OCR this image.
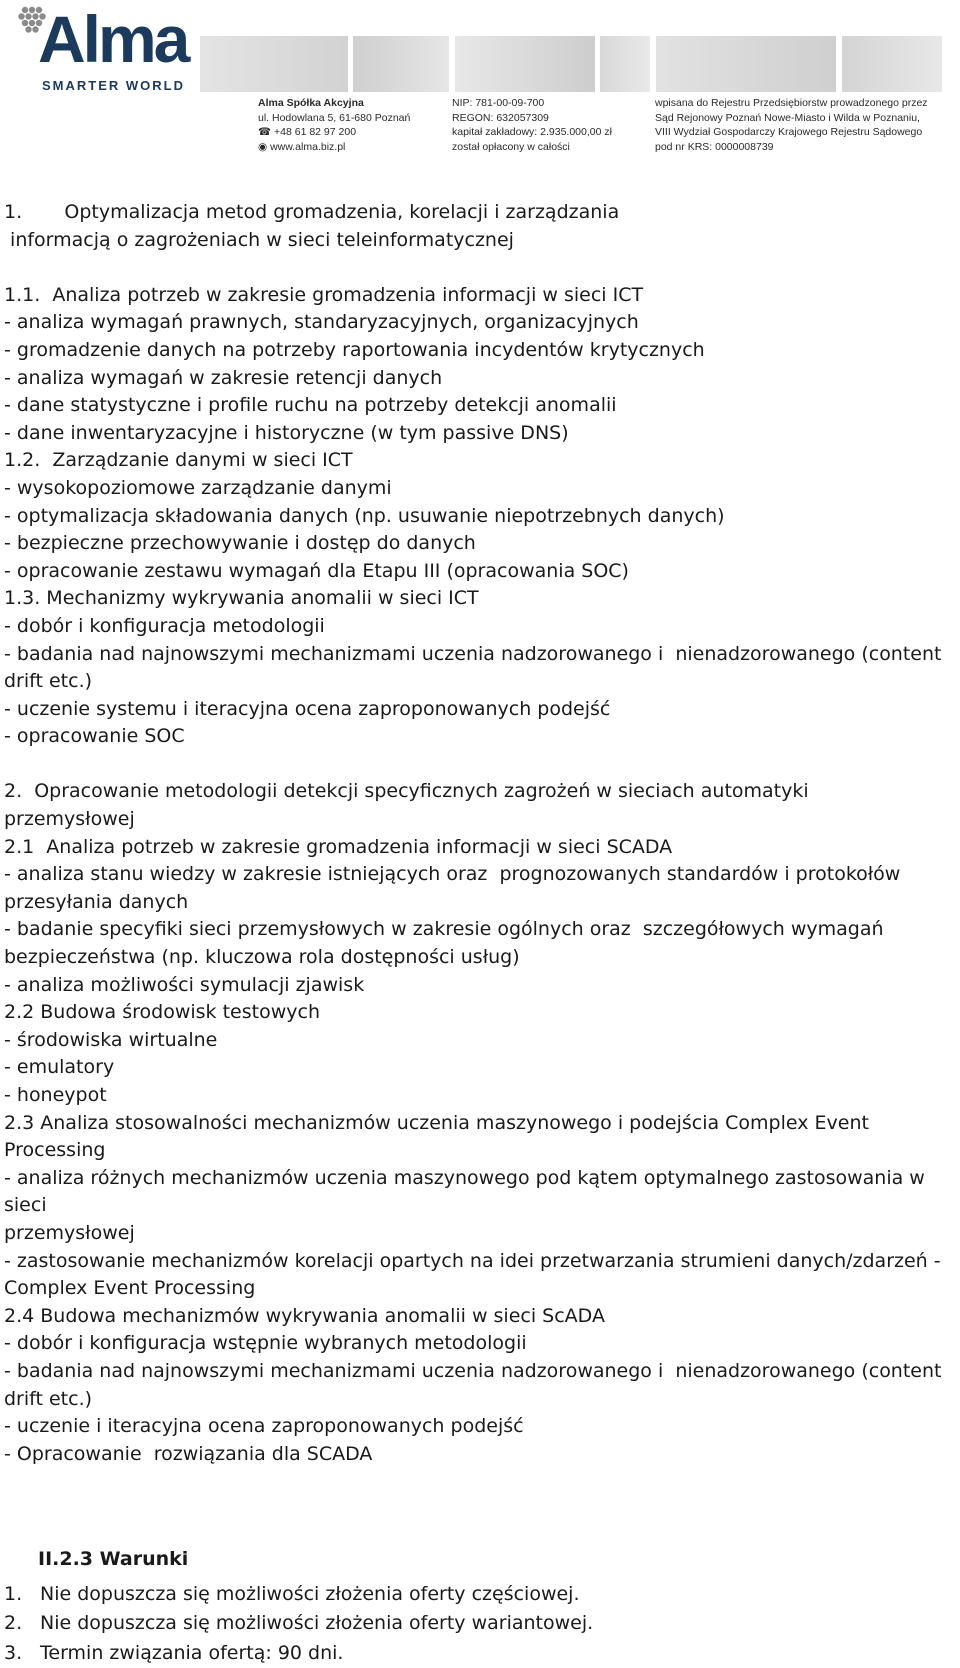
Alma
SMARTER WORLD
Alma Spółka Akcyjna
ul. Hodowlana 5, 61-680 Poznań
☎ +48 61 82 97 200
◉ www.alma.biz.pl
NIP: 781-00-09-700
REGON: 632057309
kapitał zakładowy: 2.935.000,00 zł
został opłacony w całości
wpisana do Rejestru Przedsiębiorstw prowadzonego przez
Sąd Rejonowy Poznań Nowe-Miasto i Wilda w Poznaniu,
VIII Wydział Gospodarczy Krajowego Rejestru Sądowego
pod nr KRS: 0000008739

1.       Optymalizacja metod gromadzenia, korelacji i zarządzania

informacją o zagrożeniach w sieci teleinformatycznej

1.1.  Analiza potrzeb w zakresie gromadzenia informacji w sieci ICT

- analiza wymagań prawnych, standaryzacyjnych, organizacyjnych

- gromadzenie danych na potrzeby raportowania incydentów krytycznych

- analiza wymagań w zakresie retencji danych

- dane statystyczne i profile ruchu na potrzeby detekcji anomalii

- dane inwentaryzacyjne i historyczne (w tym passive DNS)

1.2.  Zarządzanie danymi w sieci ICT

- wysokopoziomowe zarządzanie danymi

- optymalizacja składowania danych (np. usuwanie niepotrzebnych danych)

- bezpieczne przechowywanie i dostęp do danych

- opracowanie zestawu wymagań dla Etapu III (opracowania SOC)

1.3. Mechanizmy wykrywania anomalii w sieci ICT

- dobór i konfiguracja metodologii

- badania nad najnowszymi mechanizmami uczenia nadzorowanego i  nienadzorowanego (content

drift etc.)

- uczenie systemu i iteracyjna ocena zaproponowanych podejść

- opracowanie SOC

2.  Opracowanie metodologii detekcji specyficznych zagrożeń w sieciach automatyki przemysłowej

2.1  Analiza potrzeb w zakresie gromadzenia informacji w sieci SCADA

- analiza stanu wiedzy w zakresie istniejących oraz  prognozowanych standardów i protokołów

przesyłania danych

- badanie specyfiki sieci przemysłowych w zakresie ogólnych oraz  szczegółowych wymagań

bezpieczeństwa (np. kluczowa rola dostępności usług)

- analiza możliwości symulacji zjawisk

2.2 Budowa środowisk testowych

- środowiska wirtualne

- emulatory

- honeypot

2.3 Analiza stosowalności mechanizmów uczenia maszynowego i podejścia Complex Event Processing

- analiza różnych mechanizmów uczenia maszynowego pod kątem optymalnego zastosowania w sieci

przemysłowej

- zastosowanie mechanizmów korelacji opartych na idei przetwarzania strumieni danych/zdarzeń -

Complex Event Processing

2.4 Budowa mechanizmów wykrywania anomalii w sieci ScADA

- dobór i konfiguracja wstępnie wybranych metodologii

- badania nad najnowszymi mechanizmami uczenia nadzorowanego i  nienadzorowanego (content

drift etc.)

- uczenie i iteracyjna ocena zaproponowanych podejść

- Opracowanie  rozwiązania dla SCADA

II.2.3 Warunki

1. Nie dopuszcza się możliwości złożenia oferty częściowej.
2. Nie dopuszcza się możliwości złożenia oferty wariantowej.
3. Termin związania ofertą: 90 dni.
